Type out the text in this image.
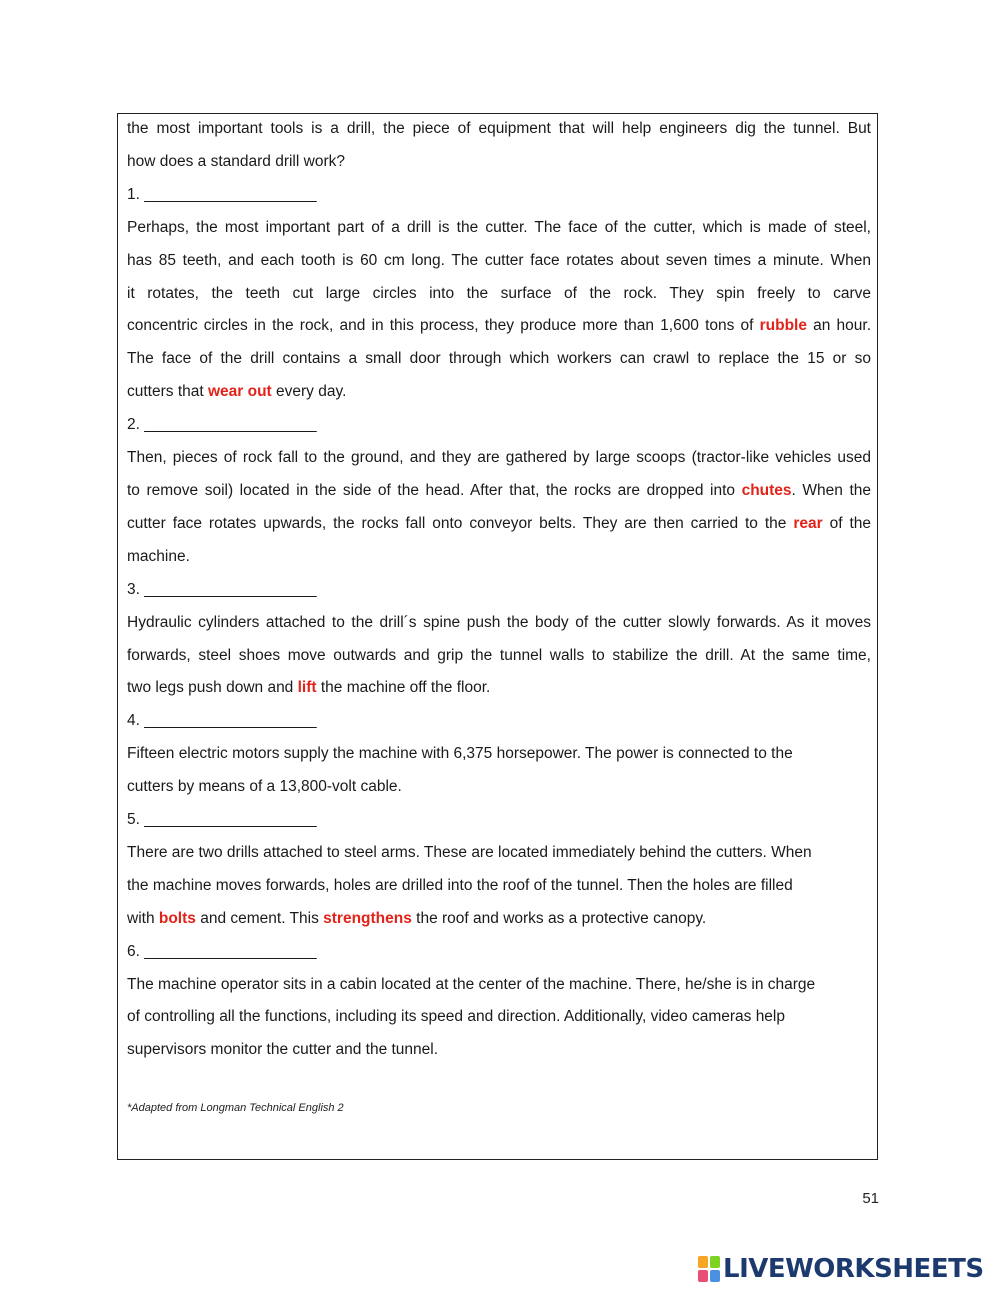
the most important tools is a drill, the piece of equipment that will help engineers dig the tunnel. But

how does a standard drill work?

1. ____________________

Perhaps, the most important part of a drill is the cutter. The face of the cutter, which is made of steel,

has 85 teeth, and each tooth is 60 cm long. The cutter face rotates about seven times a minute. When

it rotates, the teeth cut large circles into the surface of the rock. They spin freely to carve

concentric circles in the rock, and in this process, they produce more than 1,600 tons of rubble an hour.

The face of the drill contains a small door through which workers can crawl to replace the 15 or so

cutters that wear out every day.

2. ____________________

Then, pieces of rock fall to the ground, and they are gathered by large scoops (tractor-like vehicles used

to remove soil) located in the side of the head. After that, the rocks are dropped into chutes. When the

cutter face rotates upwards, the rocks fall onto conveyor belts. They are then carried to the rear of the

machine.

3. ____________________

Hydraulic cylinders attached to the drill´s spine push the body of the cutter slowly forwards. As it moves

forwards, steel shoes move outwards and grip the tunnel walls to stabilize the drill. At the same time,

two legs push down and lift the machine off the floor.

4. ____________________

Fifteen electric motors supply the machine with 6,375 horsepower. The power is connected to the

cutters by means of a 13,800-volt cable.

5. ____________________

There are two drills attached to steel arms. These are located immediately behind the cutters. When

the machine moves forwards, holes are drilled into the roof of the tunnel. Then the holes are filled

with bolts and cement. This strengthens the roof and works as a protective canopy.

6. ____________________

The machine operator sits in a cabin located at the center of the machine. There, he/she is in charge

of controlling all the functions, including its speed and direction. Additionally, video cameras help

supervisors monitor the cutter and the tunnel.

*Adapted from Longman Technical English 2
51
LIVEWORKSHEETS
